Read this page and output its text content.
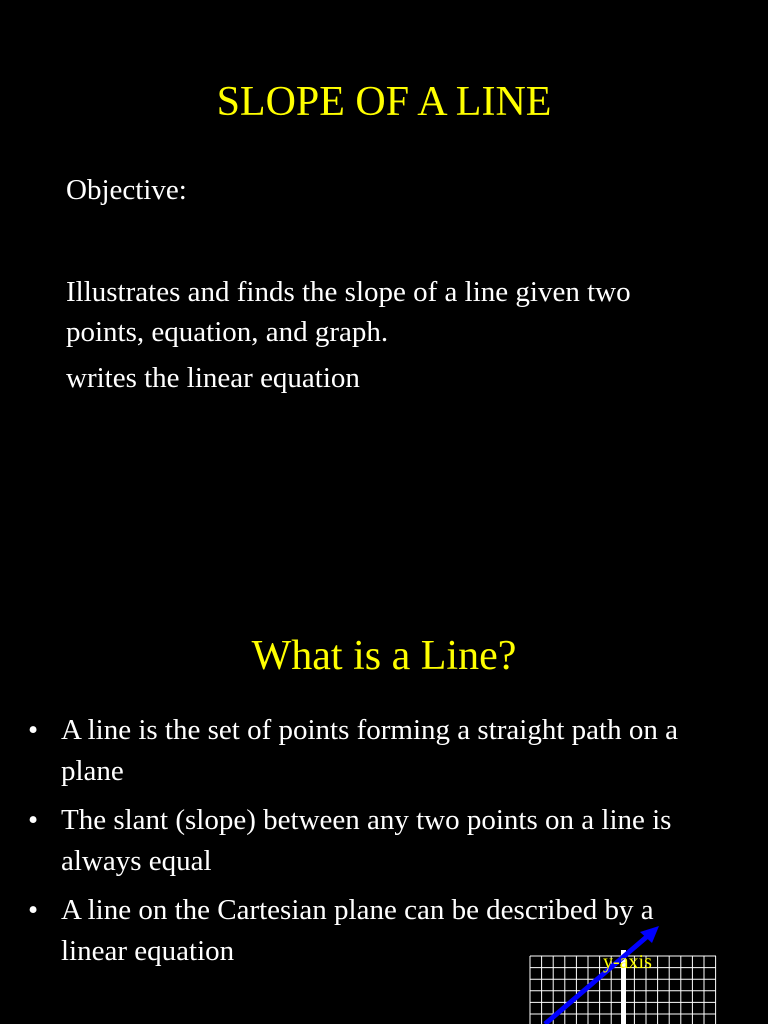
SLOPE OF A LINE

Objective:

Illustrates and finds the slope of a line given two points, equation, and graph.

writes the linear equation

What is a Line?
• A line is the set of points forming a straight path on a plane
• The slant (slope) between any two points on a line is always equal
• A line on the Cartesian plane can be described by a linear equation	y-axis
